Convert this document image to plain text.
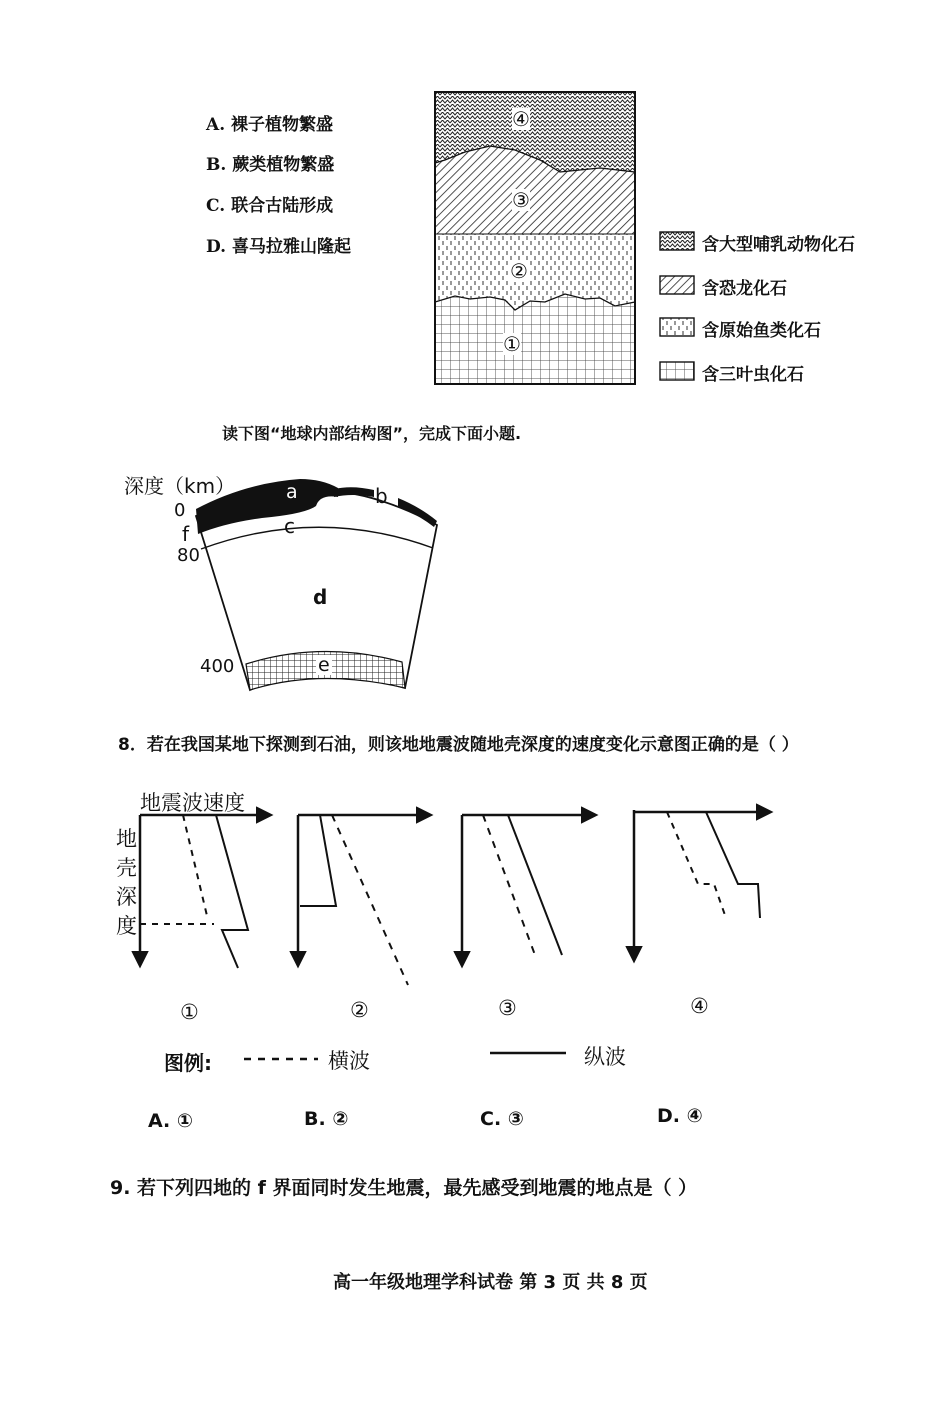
A. 裸子植物繁盛
B. 蕨类植物繁盛
C. 联合古陆形成
D. 喜马拉雅山隆起
④
③
②
①
含大型哺乳动物化石
含恐龙化石
含原始鱼类化石
含三叶虫化石
读下图“地球内部结构图”，完成下面小题.
深度（km）
0
f
80
400
a	b
c
d
e
8．若在我国某地下探测到石油，则该地地震波随地壳深度的速度变化示意图正确的是（ ）
地震波速度
地
壳
深
度
①	②	③	④
图例:	横波	纵波
A. ①	B. ②	C. ③	D. ④
9. 若下列四地的 f 界面同时发生地震，最先感受到地震的地点是（ ）
高一年级地理学科试卷 第 3 页 共 8 页
